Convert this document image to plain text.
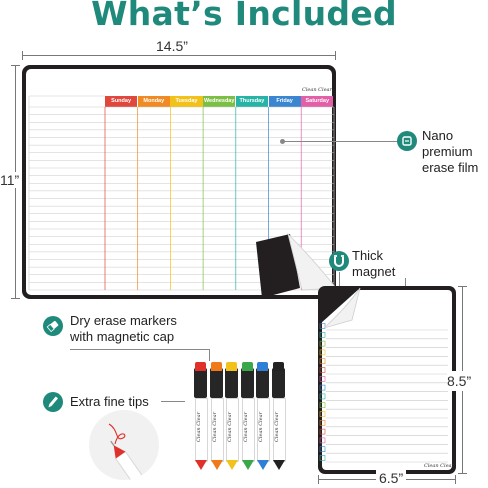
What’s Included
14.5”
11”
Clean Clear
Sunday	Monday	Tuesday	Wednesday Thursday	Friday	Saturday
Nano
premium
erase film
Thick
magnet
Clean Clear
8.5”
6.5”
Dry erase markers
with magnetic cap
Extra fine tips
Clean Clear Clean Clear Clean Clear Clean Clear Clean Clear Clean Clear
